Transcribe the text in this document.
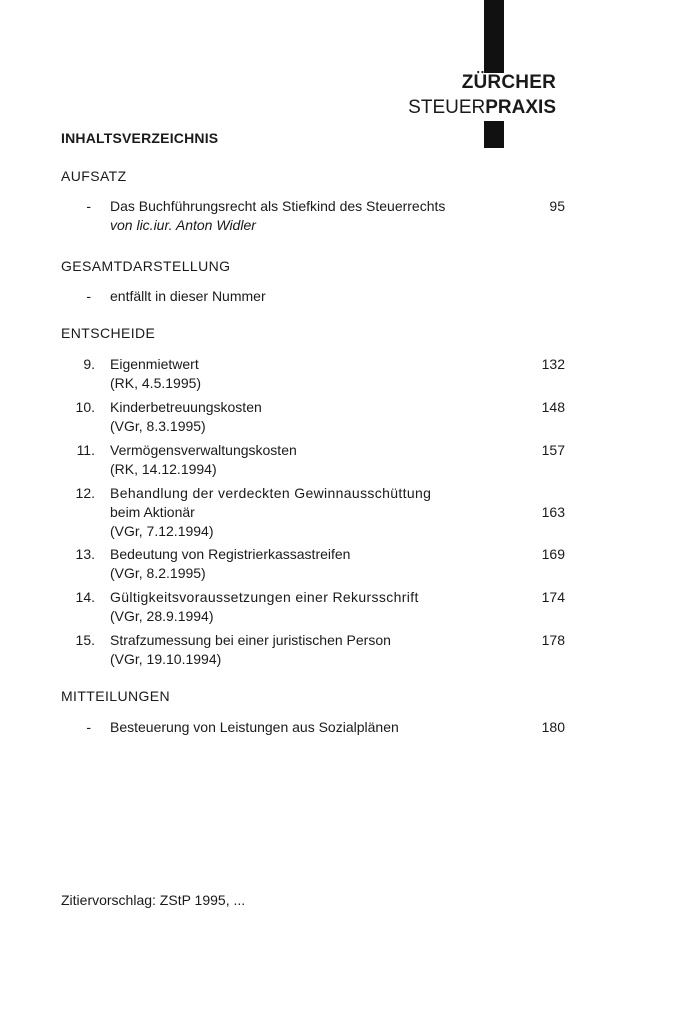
ZÜRCHER
STEUERPRAXIS
INHALTSVERZEICHNIS
AUFSATZ
- Das Buchführungsrecht als Stiefkind des Steuerrechts
von lic.iur. Anton Widler
95
GESAMTDARSTELLUNG
- entfällt in dieser Nummer
ENTSCHEIDE
9. Eigenmietwert
(RK, 4.5.1995)
132
10. Kinderbetreuungskosten
(VGr, 8.3.1995)
148
11. Vermögensverwaltungskosten
(RK, 14.12.1994)
157
12. Behandlung der verdeckten Gewinnausschüttung
beim Aktionär
(VGr, 7.12.1994)
163
13. Bedeutung von Registrierkassastreifen
(VGr, 8.2.1995)
169
14. Gültigkeitsvoraussetzungen einer Rekursschrift
(VGr, 28.9.1994)
174
15. Strafzumessung bei einer juristischen Person
(VGr, 19.10.1994)
178
MITTEILUNGEN
- Besteuerung von Leistungen aus Sozialplänen	180
Zitiervorschlag: ZStP 1995, ...
